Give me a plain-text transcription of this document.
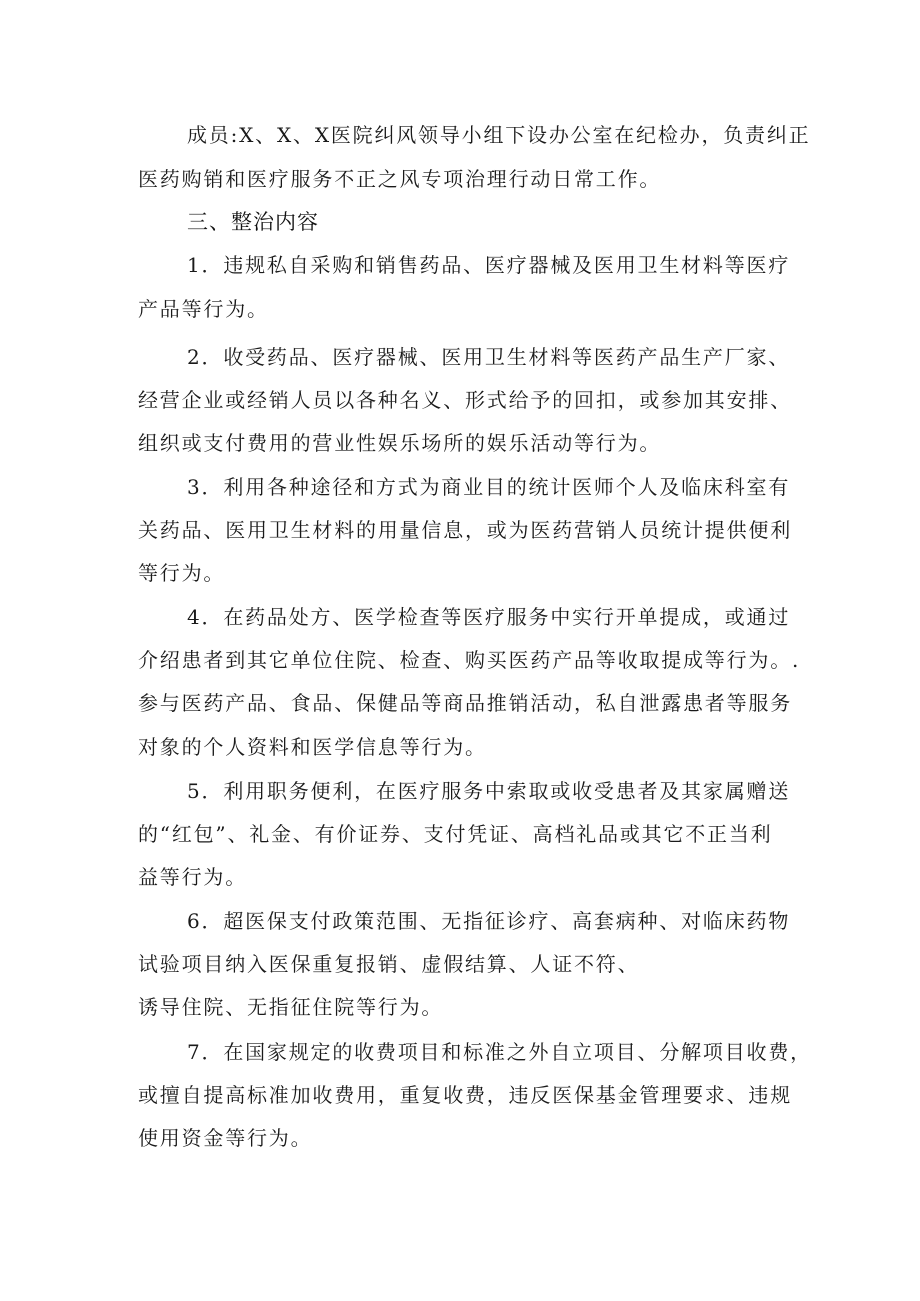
成员:X、X、X医院纠风领导小组下设办公室在纪检办，负责纠正
医药购销和医疗服务不正之风专项治理行动日常工作。
三、整治内容
1．违规私自采购和销售药品、医疗器械及医用卫生材料等医疗
产品等行为。
2．收受药品、医疗器械、医用卫生材料等医药产品生产厂家、
经营企业或经销人员以各种名义、形式给予的回扣，或参加其安排、
组织或支付费用的营业性娱乐场所的娱乐活动等行为。
3．利用各种途径和方式为商业目的统计医师个人及临床科室有
关药品、医用卫生材料的用量信息，或为医药营销人员统计提供便利
等行为。
4．在药品处方、医学检查等医疗服务中实行开单提成，或通过
介绍患者到其它单位住院、检查、购买医药产品等收取提成等行为。.
参与医药产品、食品、保健品等商品推销活动，私自泄露患者等服务
对象的个人资料和医学信息等行为。
5．利用职务便利，在医疗服务中索取或收受患者及其家属赠送
的“红包”、礼金、有价证券、支付凭证、高档礼品或其它不正当利
益等行为。
6．超医保支付政策范围、无指征诊疗、高套病种、对临床药物
试验项目纳入医保重复报销、虚假结算、人证不符、
诱导住院、无指征住院等行为。
7．在国家规定的收费项目和标准之外自立项目、分解项目收费，
或擅自提高标准加收费用，重复收费，违反医保基金管理要求、违规
使用资金等行为。
